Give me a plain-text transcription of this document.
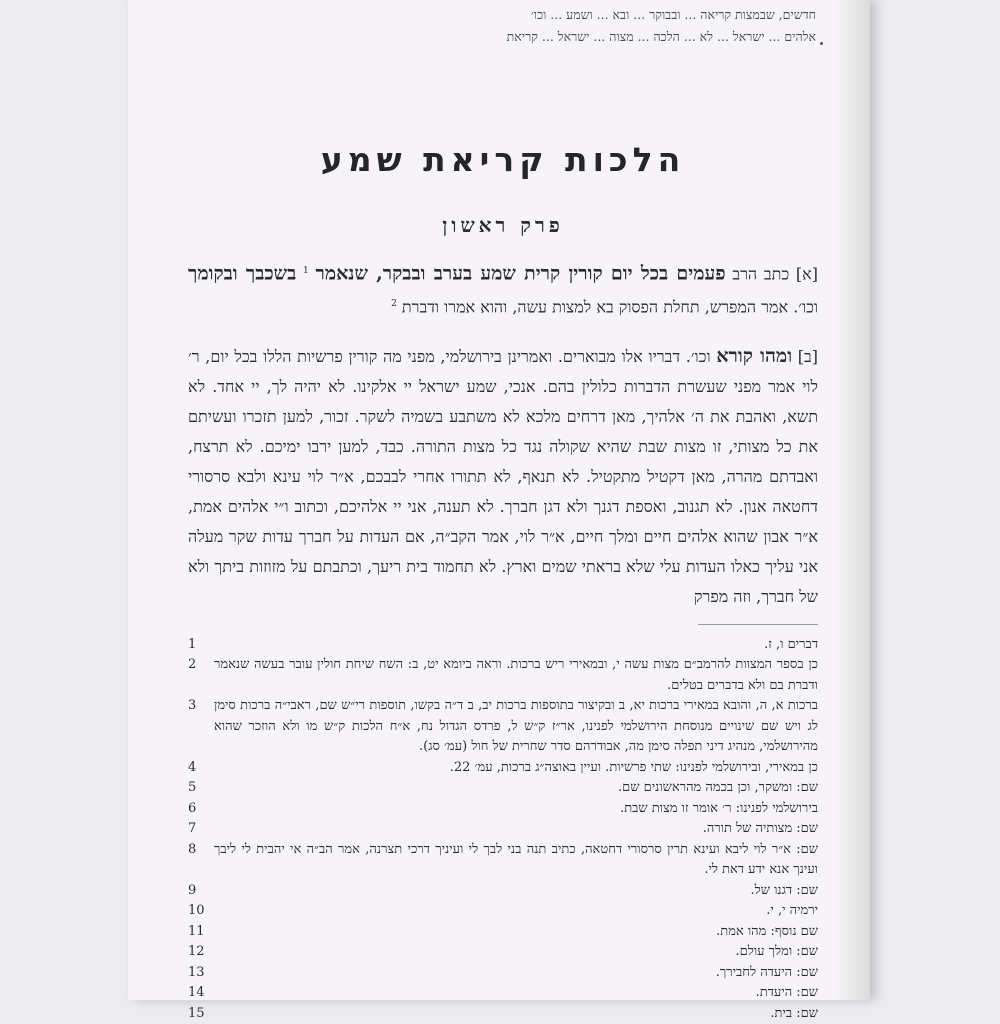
חדשים, שבמצות קריאה ... ובבוקר ... ובא ... ושמע ... וכו׳
אלהים ... ישראל ... לא ... הלכה ... מצוה ... ישראל ... קריאת
הלכות קריאת שמע
פרק ראשון
[א] כתב הרב פעמים בכל יום קורין קרית שמע בערב ובבקר, שנאמר $^1$ בשכבך ובקומך וכו׳. אמר המפרש, תחלת הפסוק בא למצות עשה, והוא אמרו ודברת $^2$
[ב] ומהו קורא וכו׳. דבריו אלו מבוארים. ואמרינן בירושלמי, מפני מה קורין פרשיות הללו בכל יום, ר׳ לוי אמר מפני שעשרת הדברות כלולין בהם. אנכי, שמע ישראל יי אלקינו. לא יהיה לך, יי אחד. לא תשא, ואהבת את ה׳ אלהיך, מאן דרחים מלכא לא משתבע בשמיה לשקר. זכור, למען תזכרו ועשיתם את כל מצותי, זו מצות שבת שהיא שקולה נגד כל מצות התורה. כבד, למען ירבו ימיכם. לא תרצח, ואבדתם מהרה, מאן דקטיל מתקטיל. לא תנאף, לא תתורו אחרי לבבכם, א״ר לוי עינא ולבא סרסורי דחטאה אנון. לא תגנוב, ואספת דגנך ולא דגן חברך. לא תענה, אני יי אלהיכם, וכתוב ו״י אלהים אמת, א״ר אבון שהוא אלהים חיים ומלך חיים, א״ר לוי, אמר הקב״ה, אם העדות על חברך עדות שקר מעלה אני עליך כאלו העדות עלי שלא בראתי שמים וארץ. לא תחמוד בית ריעך, וכתבתם על מזוזות ביתך ולא של חברך, וזה מפרק
1	דברים ו, ז.
2	כן בספר המצוות להרמב״ם מצות עשה י, ובמאירי ריש ברכות. וראה ביומא יט, ב: השח שיחת חולין עובר בעשה שנאמר ודברת בם ולא בדברים בטלים.
3	ברכות א, ה, והובא במאירי ברכות יא, ב ובקיצור בתוספות ברכות יב, ב ד״ה בקשו, תוספות רי״ש שם, ראבי״ה ברכות סימן לג ויש שם שינויים מנוסחת הירושלמי לפנינו, אר״ז ק״ש ל, פרדס הגדול נח, א״ח הלכות ק״ש מו ולא הוזכר שהוא מהירושלמי, מנהיג דיני תפלה סימן מה, אבודרהם סדר שחרית של חול (עמ׳ סג).
4	כן במאירי, ובירושלמי לפנינו: שתי פרשיות. ועיין באוצה״ג ברכות, עמ׳ 22.
5	שם: ומשקר, וכן בכמה מהראשונים שם.
6	בירושלמי לפנינו: ר׳ אומר זו מצות שבת.
7	שם: מצותיה של תורה.
8	שם: א״ר לוי ליבא ועינא תרין סרסורי דחטאה, כתיב תנה בני לבך לי ועיניך דרכי תצרנה, אמר הב״ה אי יהבית לי ליבך ועינך אנא ידע דאת לי.
9	שם: דגנו של.
10	ירמיה י, י.
11	שם נוסף: מהו אמת.
12	שם: ומלך עולם.
13	שם: היעדה לחבירך.
14	שם: היעדת.
15	שם: בית.
